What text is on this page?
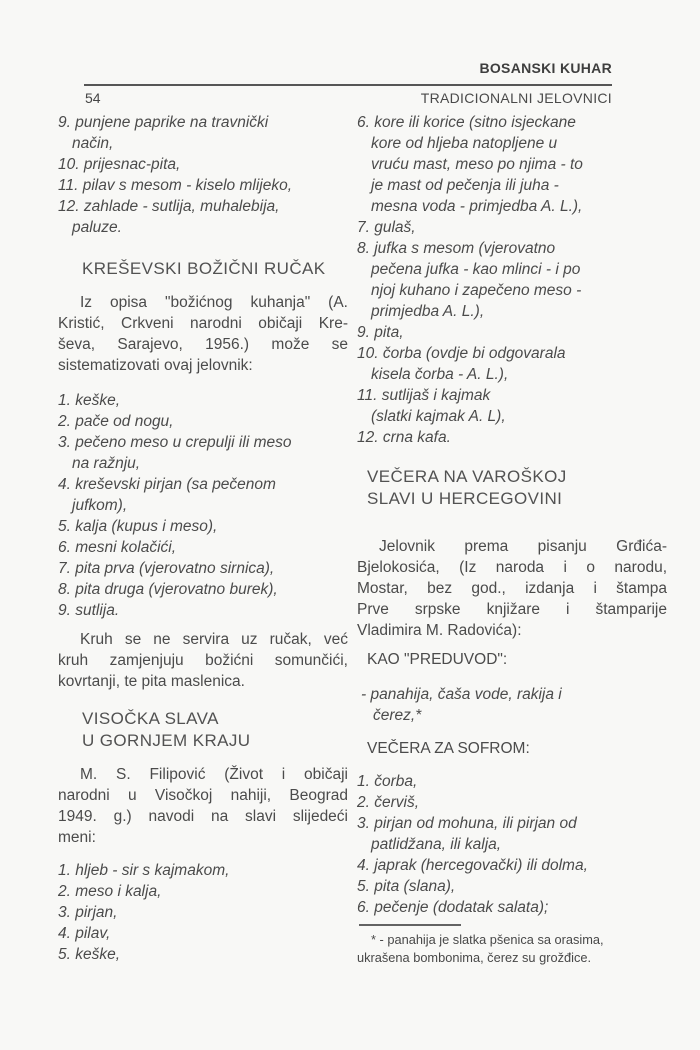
BOSANSKI KUHAR
54	TRADICIONALNI JELOVNICI
9. punjene paprike na travnički
način,
10. prijesnac-pita,
11. pilav s mesom - kiselo mlijeko,
12. zahlade - sutlija, muhalebija,
paluze.
KREŠEVSKI BOŽIČNI RUČAK
Iz opisa "božićnog kuhanja" (A.
Kristić, Crkveni narodni običaji Kre-
ševa, Sarajevo, 1956.) može se
sistematizovati ovaj jelovnik:
1. keške,
2. pače od nogu,
3. pečeno meso u crepulji ili meso
na ražnju,
4. kreševski pirjan (sa pečenom
jufkom),
5. kalja (kupus i meso),
6. mesni kolačići,
7. pita prva (vjerovatno sirnica),
8. pita druga (vjerovatno burek),
9. sutlija.
Kruh se ne servira uz ručak, već
kruh zamjenjuju božićni somunčići,
kovrtanji, te pita maslenica.
VISOČKA SLAVA
U GORNJEM KRAJU
M. S. Filipović (Život i običaji
narodni u Visočkoj nahiji, Beograd
1949. g.) navodi na slavi slijedeći
meni:
1. hljeb - sir s kajmakom,
2. meso i kalja,
3. pirjan,
4. pilav,
5. keške,
6. kore ili korice (sitno isjeckane
kore od hljeba natopljene u
vruću mast, meso po njima - to
je mast od pečenja ili juha -
mesna voda - primjedba A. L.),
7. gulaš,
8. jufka s mesom (vjerovatno
pečena jufka - kao mlinci - i po
njoj kuhano i zapečeno meso -
primjedba A. L.),
9. pita,
10. čorba (ovdje bi odgovarala
kisela čorba - A. L.),
11. sutlijaš i kajmak
(slatki kajmak A. L),
12. crna kafa.
VEČERA NA VAROŠKOJ
SLAVI U HERCEGOVINI
Jelovnik prema pisanju Grđića-
Bjelokosića, (Iz naroda i o narodu,
Mostar, bez god., izdanja i štampa
Prve srpske knjižare i štamparije
Vladimira M. Radovića):
KAO "PREDUVOD":
- panahija, čaša vode, rakija i
čerez,*
VEČERA ZA SOFROM:
1. čorba,
2. červiš,
3. pirjan od mohuna, ili pirjan od
patlidžana, ili kalja,
4. japrak (hercegovački) ili dolma,
5. pita (slana),
6. pečenje (dodatak salata);
* - panahija je slatka pšenica sa orasima,
ukrašena bombonima, čerez su grožđice.
